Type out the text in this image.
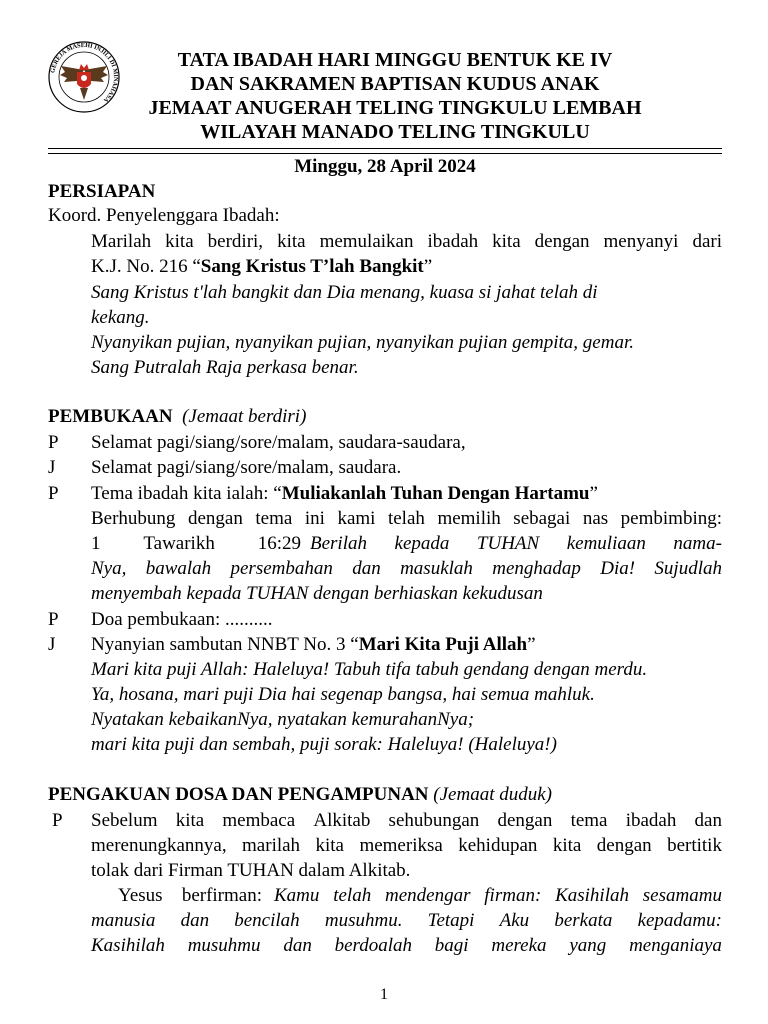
GEREJA MASEHI INJILI DI MINAHASA
TATA IBADAH HARI MINGGU BENTUK KE IV
DAN SAKRAMEN BAPTISAN KUDUS ANAK
JEMAAT ANUGERAH TELING TINGKULU LEMBAH
WILAYAH MANADO TELING TINGKULU
Minggu, 28 April 2024
PERSIAPAN
Koord. Penyelenggara Ibadah:
Marilah kita berdiri, kita memulaikan ibadah kita dengan menyanyi dari
K.J. No. 216 “Sang Kristus T’lah Bangkit”
Sang Kristus t'lah bangkit dan Dia menang, kuasa si jahat telah di
kekang.
Nyanyikan pujian, nyanyikan pujian, nyanyikan pujian gempita, gemar.
Sang Putralah Raja perkasa benar.
PEMBUKAAN (Jemaat berdiri)
P Selamat pagi/siang/sore/malam, saudara-saudara,
J Selamat pagi/siang/sore/malam, saudara.
P Tema ibadah kita ialah: “Muliakanlah Tuhan Dengan Hartamu”
Berhubung dengan tema ini kami telah memilih sebagai nas pembimbing:
1 Tawarikh 16:29 Berilah kepada TUHAN kemuliaan nama-
Nya, bawalah persembahan dan masuklah menghadap Dia! Sujudlah
menyembah kepada TUHAN dengan berhiaskan kekudusan
P Doa pembukaan: ..........
J Nyanyian sambutan NNBT No. 3 “Mari Kita Puji Allah”
Mari kita puji Allah: Haleluya! Tabuh tifa tabuh gendang dengan merdu.
Ya, hosana, mari puji Dia hai segenap bangsa, hai semua mahluk.
Nyatakan kebaikanNya, nyatakan kemurahanNya;
mari kita puji dan sembah, puji sorak: Haleluya! (Haleluya!)
PENGAKUAN DOSA DAN PENGAMPUNAN (Jemaat duduk)
P Sebelum kita membaca Alkitab sehubungan dengan tema ibadah dan
merenungkannya, marilah kita memeriksa kehidupan kita dengan bertitik
tolak dari Firman TUHAN dalam Alkitab.
Yesus berfirman: Kamu telah mendengar firman: Kasihilah sesamamu
manusia dan bencilah musuhmu. Tetapi Aku berkata kepadamu:
Kasihilah musuhmu dan berdoalah bagi mereka yang menganiaya
1
